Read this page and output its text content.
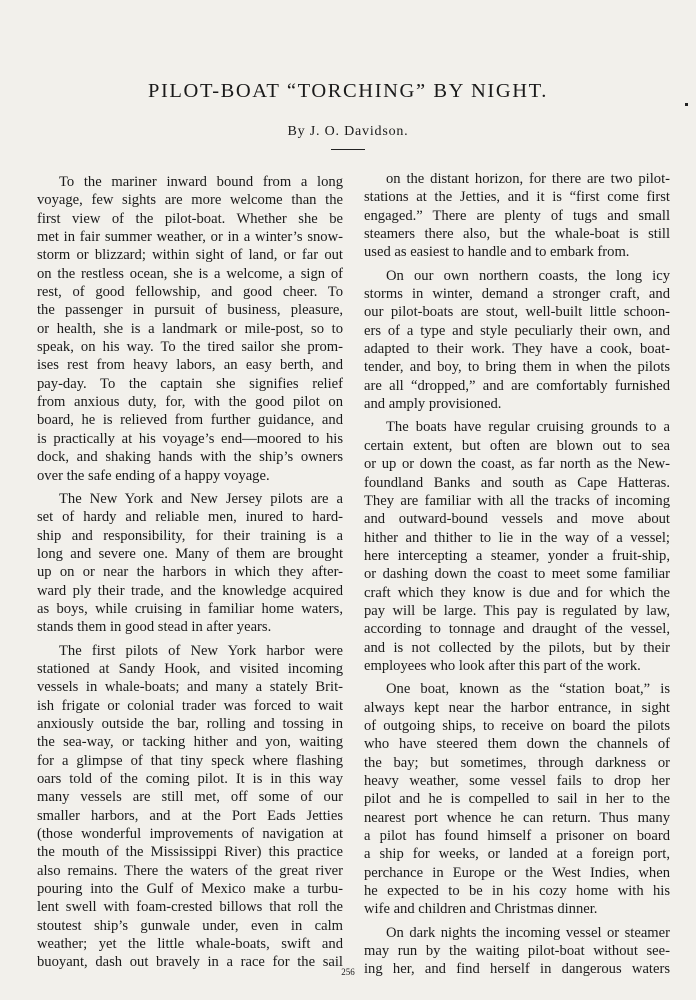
PILOT-BOAT “TORCHING” BY NIGHT.
By J. O. Davidson.

To the mariner inward bound from a long

voyage, few sights are more welcome than the

first view of the pilot-boat. Whether she be

met in fair summer weather, or in a winter’s snow-

storm or blizzard; within sight of land, or far out

on the restless ocean, she is a welcome, a sign of

rest, of good fellowship, and good cheer. To

the passenger in pursuit of business, pleasure,

or health, she is a landmark or mile-post, so to

speak, on his way. To the tired sailor she prom-

ises rest from heavy labors, an easy berth, and

pay-day. To the captain she signifies relief

from anxious duty, for, with the good pilot on

board, he is relieved from further guidance, and

is practically at his voyage’s end—moored to his

dock, and shaking hands with the ship’s owners

over the safe ending of a happy voyage.

The New York and New Jersey pilots are a

set of hardy and reliable men, inured to hard-

ship and responsibility, for their training is a

long and severe one. Many of them are brought

up on or near the harbors in which they after-

ward ply their trade, and the knowledge acquired

as boys, while cruising in familiar home waters,

stands them in good stead in after years.

The first pilots of New York harbor were

stationed at Sandy Hook, and visited incoming

vessels in whale-boats; and many a stately Brit-

ish frigate or colonial trader was forced to wait

anxiously outside the bar, rolling and tossing in

the sea-way, or tacking hither and yon, waiting

for a glimpse of that tiny speck where flashing

oars told of the coming pilot. It is in this way

many vessels are still met, off some of our

smaller harbors, and at the Port Eads Jetties

(those wonderful improvements of navigation at

the mouth of the Mississippi River) this practice

also remains. There the waters of the great river

pouring into the Gulf of Mexico make a turbu-

lent swell with foam-crested billows that roll the

stoutest ship’s gunwale under, even in calm

weather; yet the little whale-boats, swift and

buoyant, dash out bravely in a race for the sail

on the distant horizon, for there are two pilot-

stations at the Jetties, and it is “first come first

engaged.” There are plenty of tugs and small

steamers there also, but the whale-boat is still

used as easiest to handle and to embark from.

On our own northern coasts, the long icy

storms in winter, demand a stronger craft, and

our pilot-boats are stout, well-built little schoon-

ers of a type and style peculiarly their own, and

adapted to their work. They have a cook, boat-

tender, and boy, to bring them in when the pilots

are all “dropped,” and are comfortably furnished

and amply provisioned.

The boats have regular cruising grounds to a

certain extent, but often are blown out to sea

or up or down the coast, as far north as the New-

foundland Banks and south as Cape Hatteras.

They are familiar with all the tracks of incoming

and outward-bound vessels and move about

hither and thither to lie in the way of a vessel;

here intercepting a steamer, yonder a fruit-ship,

or dashing down the coast to meet some familiar

craft which they know is due and for which the

pay will be large. This pay is regulated by law,

according to tonnage and draught of the vessel,

and is not collected by the pilots, but by their

employees who look after this part of the work.

One boat, known as the “station boat,” is

always kept near the harbor entrance, in sight

of outgoing ships, to receive on board the pilots

who have steered them down the channels of

the bay; but sometimes, through darkness or

heavy weather, some vessel fails to drop her

pilot and he is compelled to sail in her to the

nearest port whence he can return. Thus many

a pilot has found himself a prisoner on board

a ship for weeks, or landed at a foreign port,

perchance in Europe or the West Indies, when

he expected to be in his cozy home with his

wife and children and Christmas dinner.

On dark nights the incoming vessel or steamer

may run by the waiting pilot-boat without see-

ing her, and find herself in dangerous waters

256
